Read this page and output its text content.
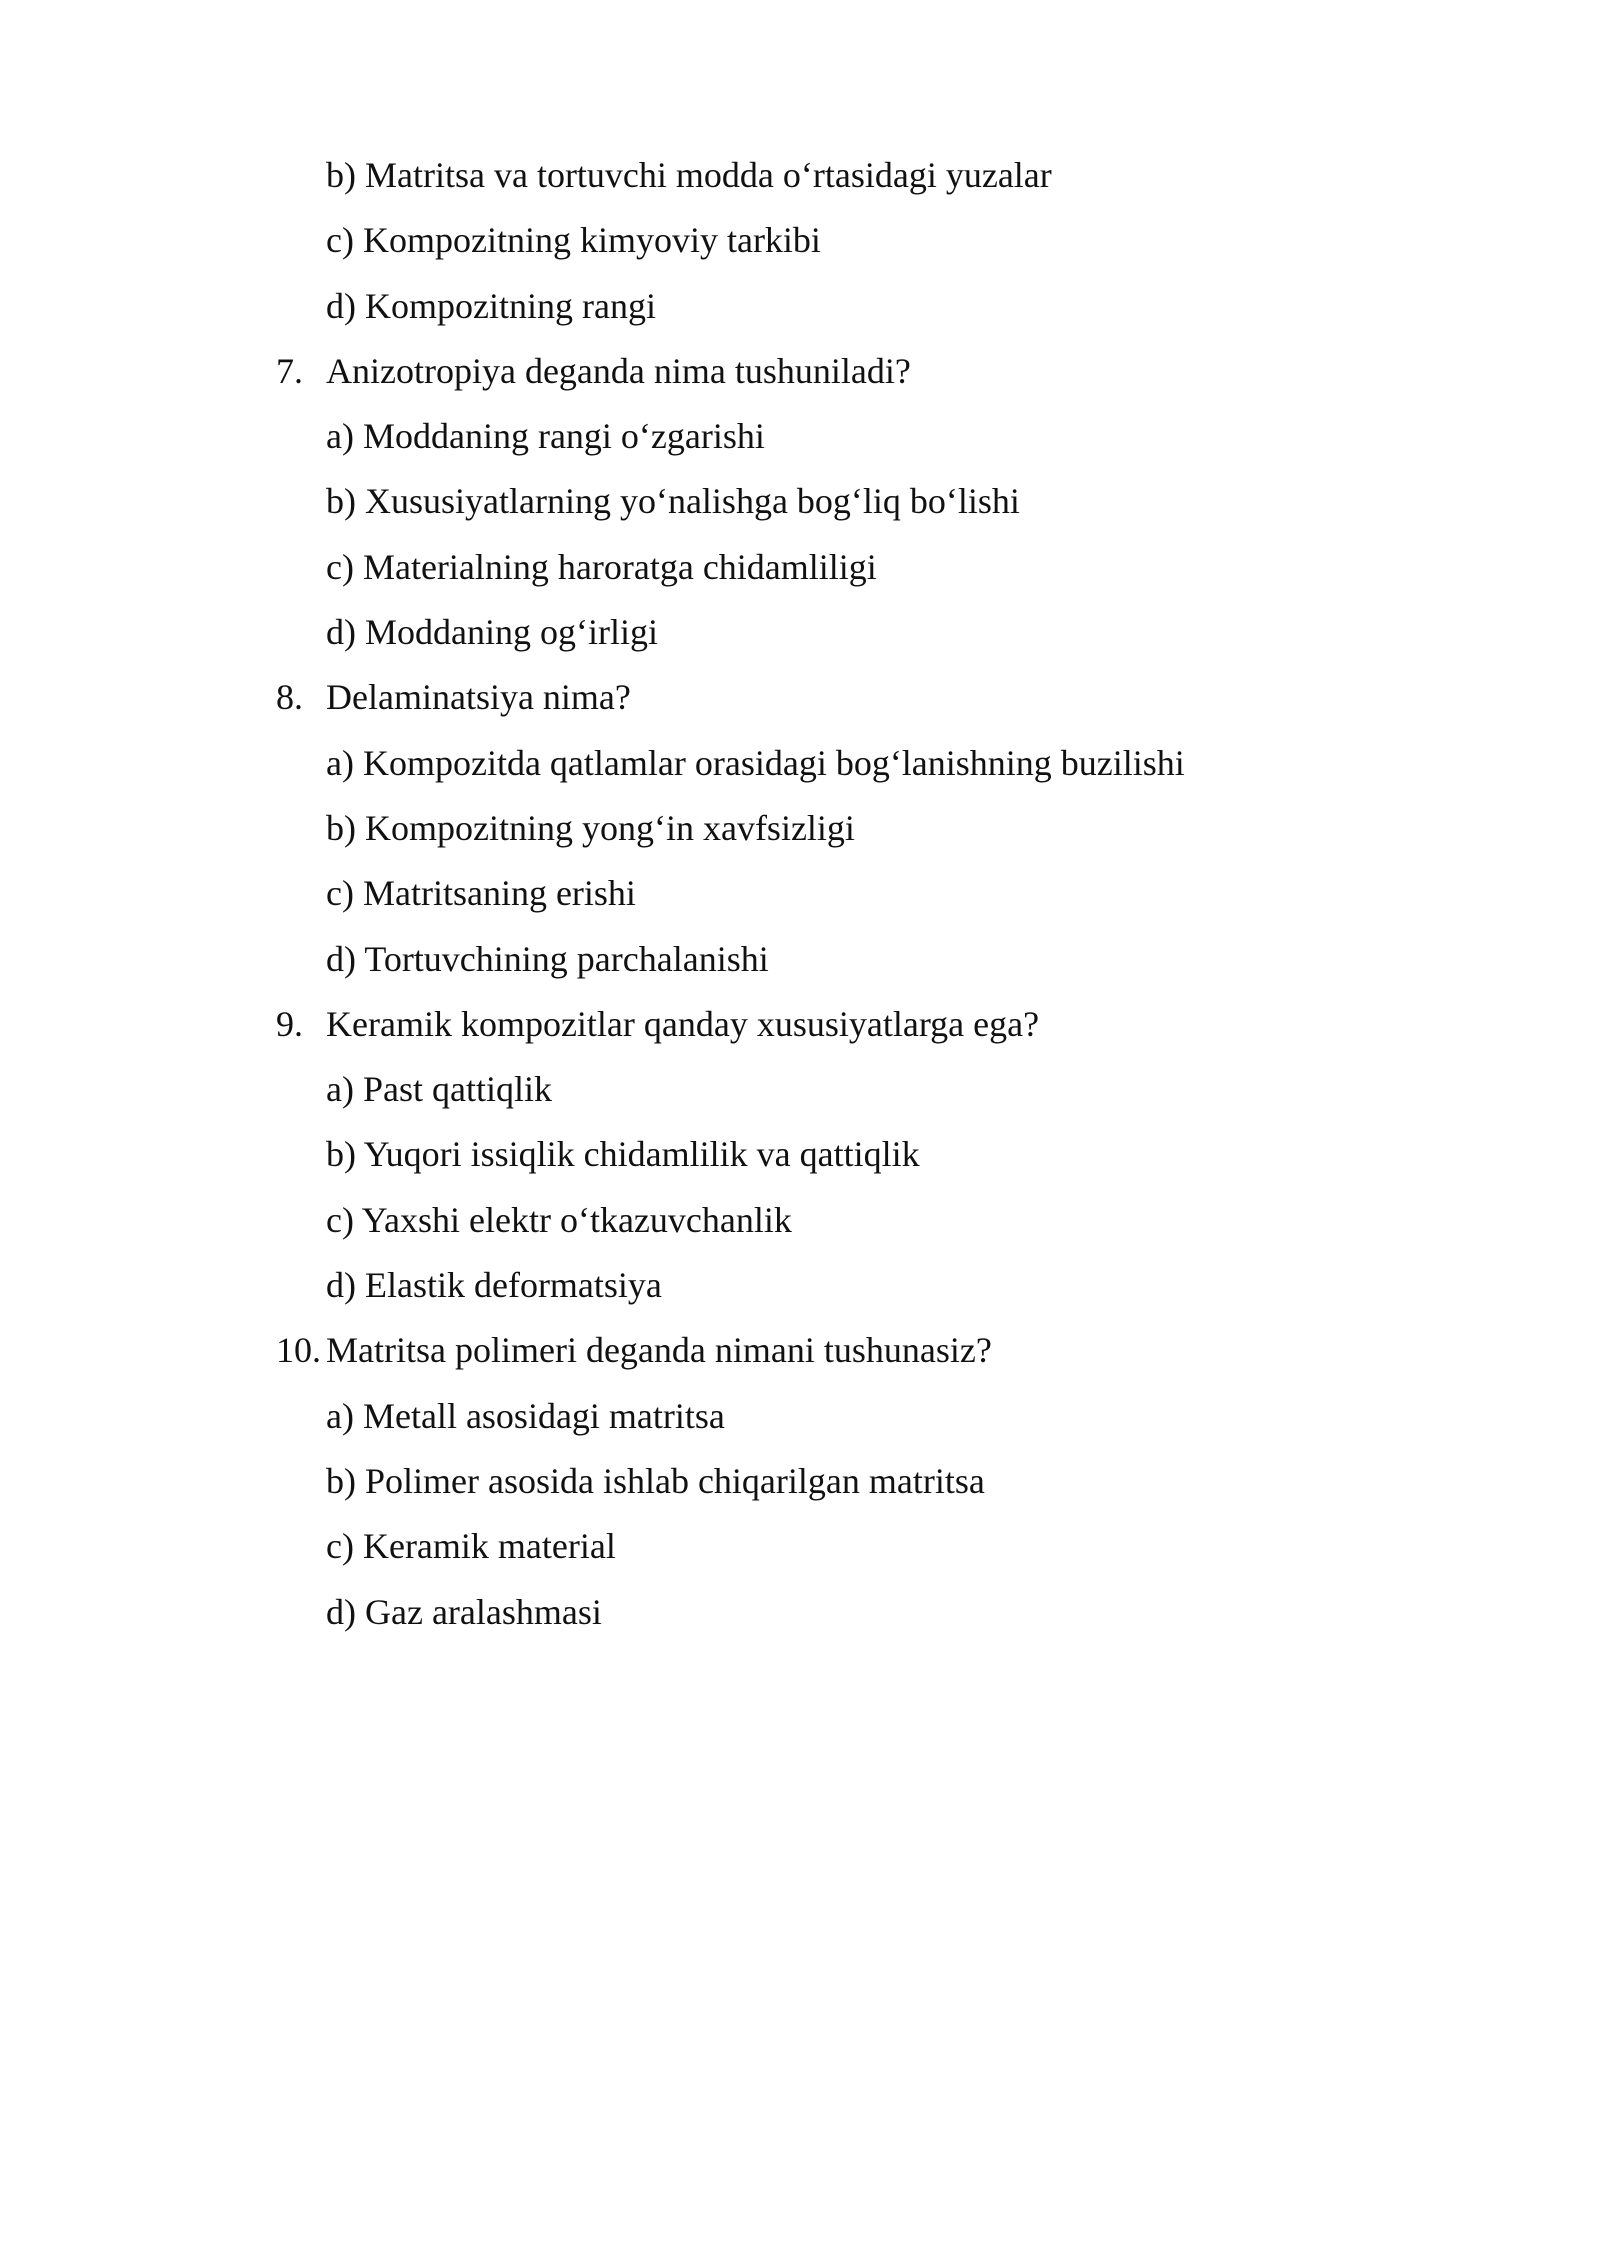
b) Matritsa va tortuvchi modda o‘rtasidagi yuzalar
c) Kompozitning kimyoviy tarkibi
d) Kompozitning rangi
7. Anizotropiya deganda nima tushuniladi?
a) Moddaning rangi o‘zgarishi
b) Xususiyatlarning yo‘nalishga bog‘liq bo‘lishi
c) Materialning haroratga chidamliligi
d) Moddaning og‘irligi
8. Delaminatsiya nima?
a) Kompozitda qatlamlar orasidagi bog‘lanishning buzilishi
b) Kompozitning yong‘in xavfsizligi
c) Matritsaning erishi
d) Tortuvchining parchalanishi
9. Keramik kompozitlar qanday xususiyatlarga ega?
a) Past qattiqlik
b) Yuqori issiqlik chidamlilik va qattiqlik
c) Yaxshi elektr o‘tkazuvchanlik
d) Elastik deformatsiya
10. Matritsa polimeri deganda nimani tushunasiz?
a) Metall asosidagi matritsa
b) Polimer asosida ishlab chiqarilgan matritsa
c) Keramik material
d) Gaz aralashmasi
